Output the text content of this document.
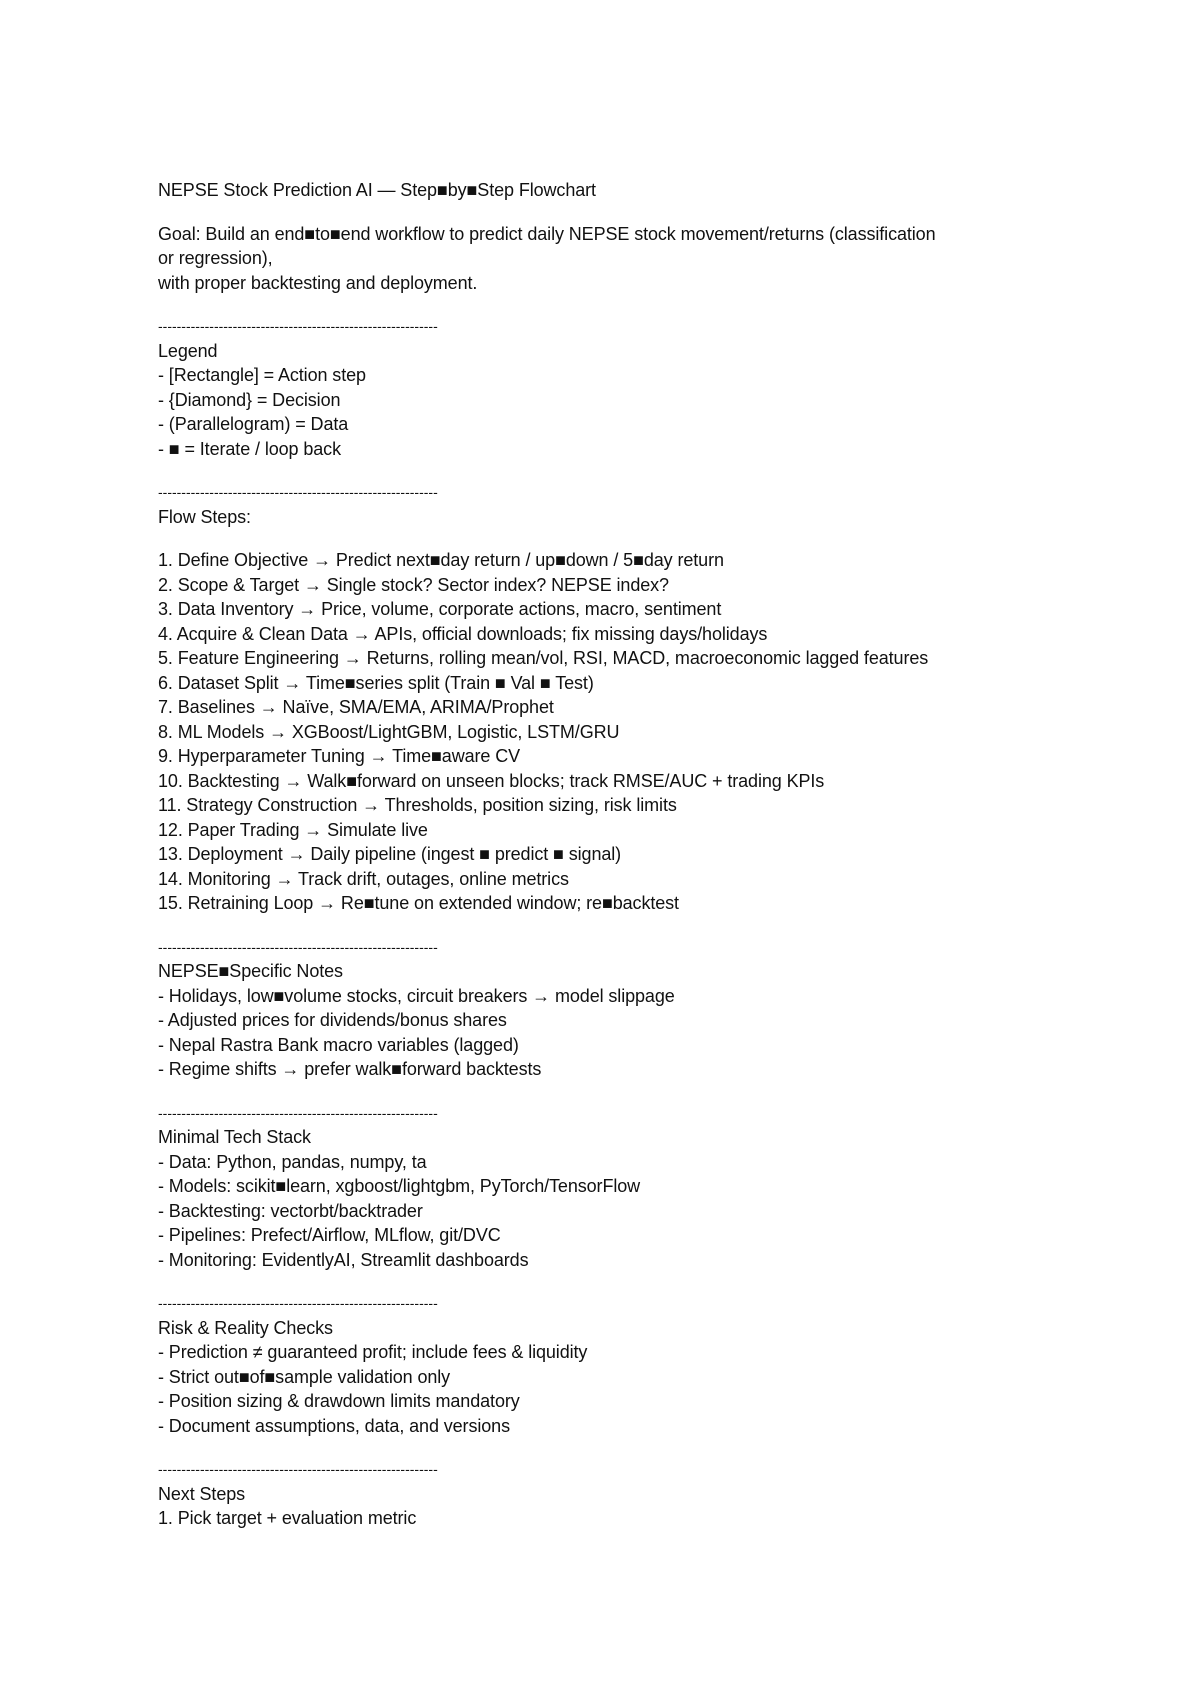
NEPSE Stock Prediction AI — Step■by■Step Flowchart
Goal: Build an end■to■end workflow to predict daily NEPSE stock movement/returns (classification
or regression),
with proper backtesting and deployment.
------------------------------------------------------------
Legend
- [Rectangle] = Action step
- {Diamond} = Decision
- (Parallelogram) = Data
- ■ = Iterate / loop back
------------------------------------------------------------
Flow Steps:
1. Define Objective → Predict next■day return / up■down / 5■day return
2. Scope & Target → Single stock? Sector index? NEPSE index?
3. Data Inventory → Price, volume, corporate actions, macro, sentiment
4. Acquire & Clean Data → APIs, official downloads; fix missing days/holidays
5. Feature Engineering → Returns, rolling mean/vol, RSI, MACD, macroeconomic lagged features
6. Dataset Split → Time■series split (Train ■ Val ■ Test)
7. Baselines → Naïve, SMA/EMA, ARIMA/Prophet
8. ML Models → XGBoost/LightGBM, Logistic, LSTM/GRU
9. Hyperparameter Tuning → Time■aware CV
10. Backtesting → Walk■forward on unseen blocks; track RMSE/AUC + trading KPIs
11. Strategy Construction → Thresholds, position sizing, risk limits
12. Paper Trading → Simulate live
13. Deployment → Daily pipeline (ingest ■ predict ■ signal)
14. Monitoring → Track drift, outages, online metrics
15. Retraining Loop → Re■tune on extended window; re■backtest
------------------------------------------------------------
NEPSE■Specific Notes
- Holidays, low■volume stocks, circuit breakers → model slippage
- Adjusted prices for dividends/bonus shares
- Nepal Rastra Bank macro variables (lagged)
- Regime shifts → prefer walk■forward backtests
------------------------------------------------------------
Minimal Tech Stack
- Data: Python, pandas, numpy, ta
- Models: scikit■learn, xgboost/lightgbm, PyTorch/TensorFlow
- Backtesting: vectorbt/backtrader
- Pipelines: Prefect/Airflow, MLflow, git/DVC
- Monitoring: EvidentlyAI, Streamlit dashboards
------------------------------------------------------------
Risk & Reality Checks
- Prediction ≠ guaranteed profit; include fees & liquidity
- Strict out■of■sample validation only
- Position sizing & drawdown limits mandatory
- Document assumptions, data, and versions
------------------------------------------------------------
Next Steps
1. Pick target + evaluation metric
